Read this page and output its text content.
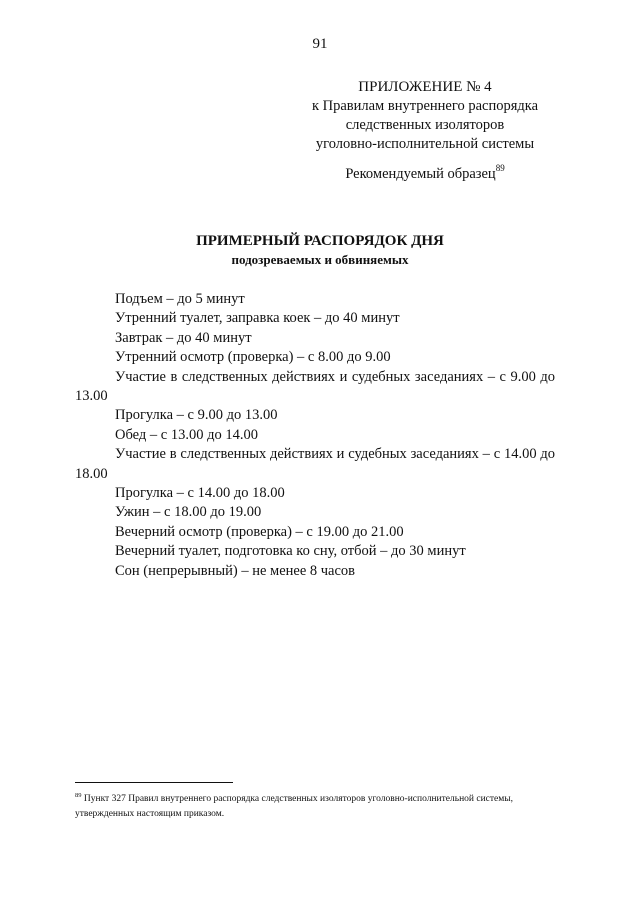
91
ПРИЛОЖЕНИЕ № 4
к Правилам внутреннего распорядка
следственных изоляторов
уголовно-исполнительной системы
Рекомендуемый образец$^{89}$
ПРИМЕРНЫЙ РАСПОРЯДОК ДНЯ
подозреваемых и обвиняемых

Подъем – до 5 минут

Утренний туалет, заправка коек – до 40 минут

Завтрак – до 40 минут

Утренний осмотр (проверка) – с 8.00 до 9.00

Участие в следственных действиях и судебных заседаниях – с 9.00 до 13.00

Прогулка – с 9.00 до 13.00

Обед – с 13.00 до 14.00

Участие в следственных действиях и судебных заседаниях – с 14.00 до 18.00

Прогулка – с 14.00 до 18.00

Ужин – с 18.00 до 19.00

Вечерний осмотр (проверка) – с 19.00 до 21.00

Вечерний туалет, подготовка ко сну, отбой – до 30 минут

Сон (непрерывный) – не менее 8 часов

$^{89}$ Пункт 327 Правил внутреннего распорядка следственных изоляторов уголовно-исполнительной системы, утвержденных настоящим приказом.
